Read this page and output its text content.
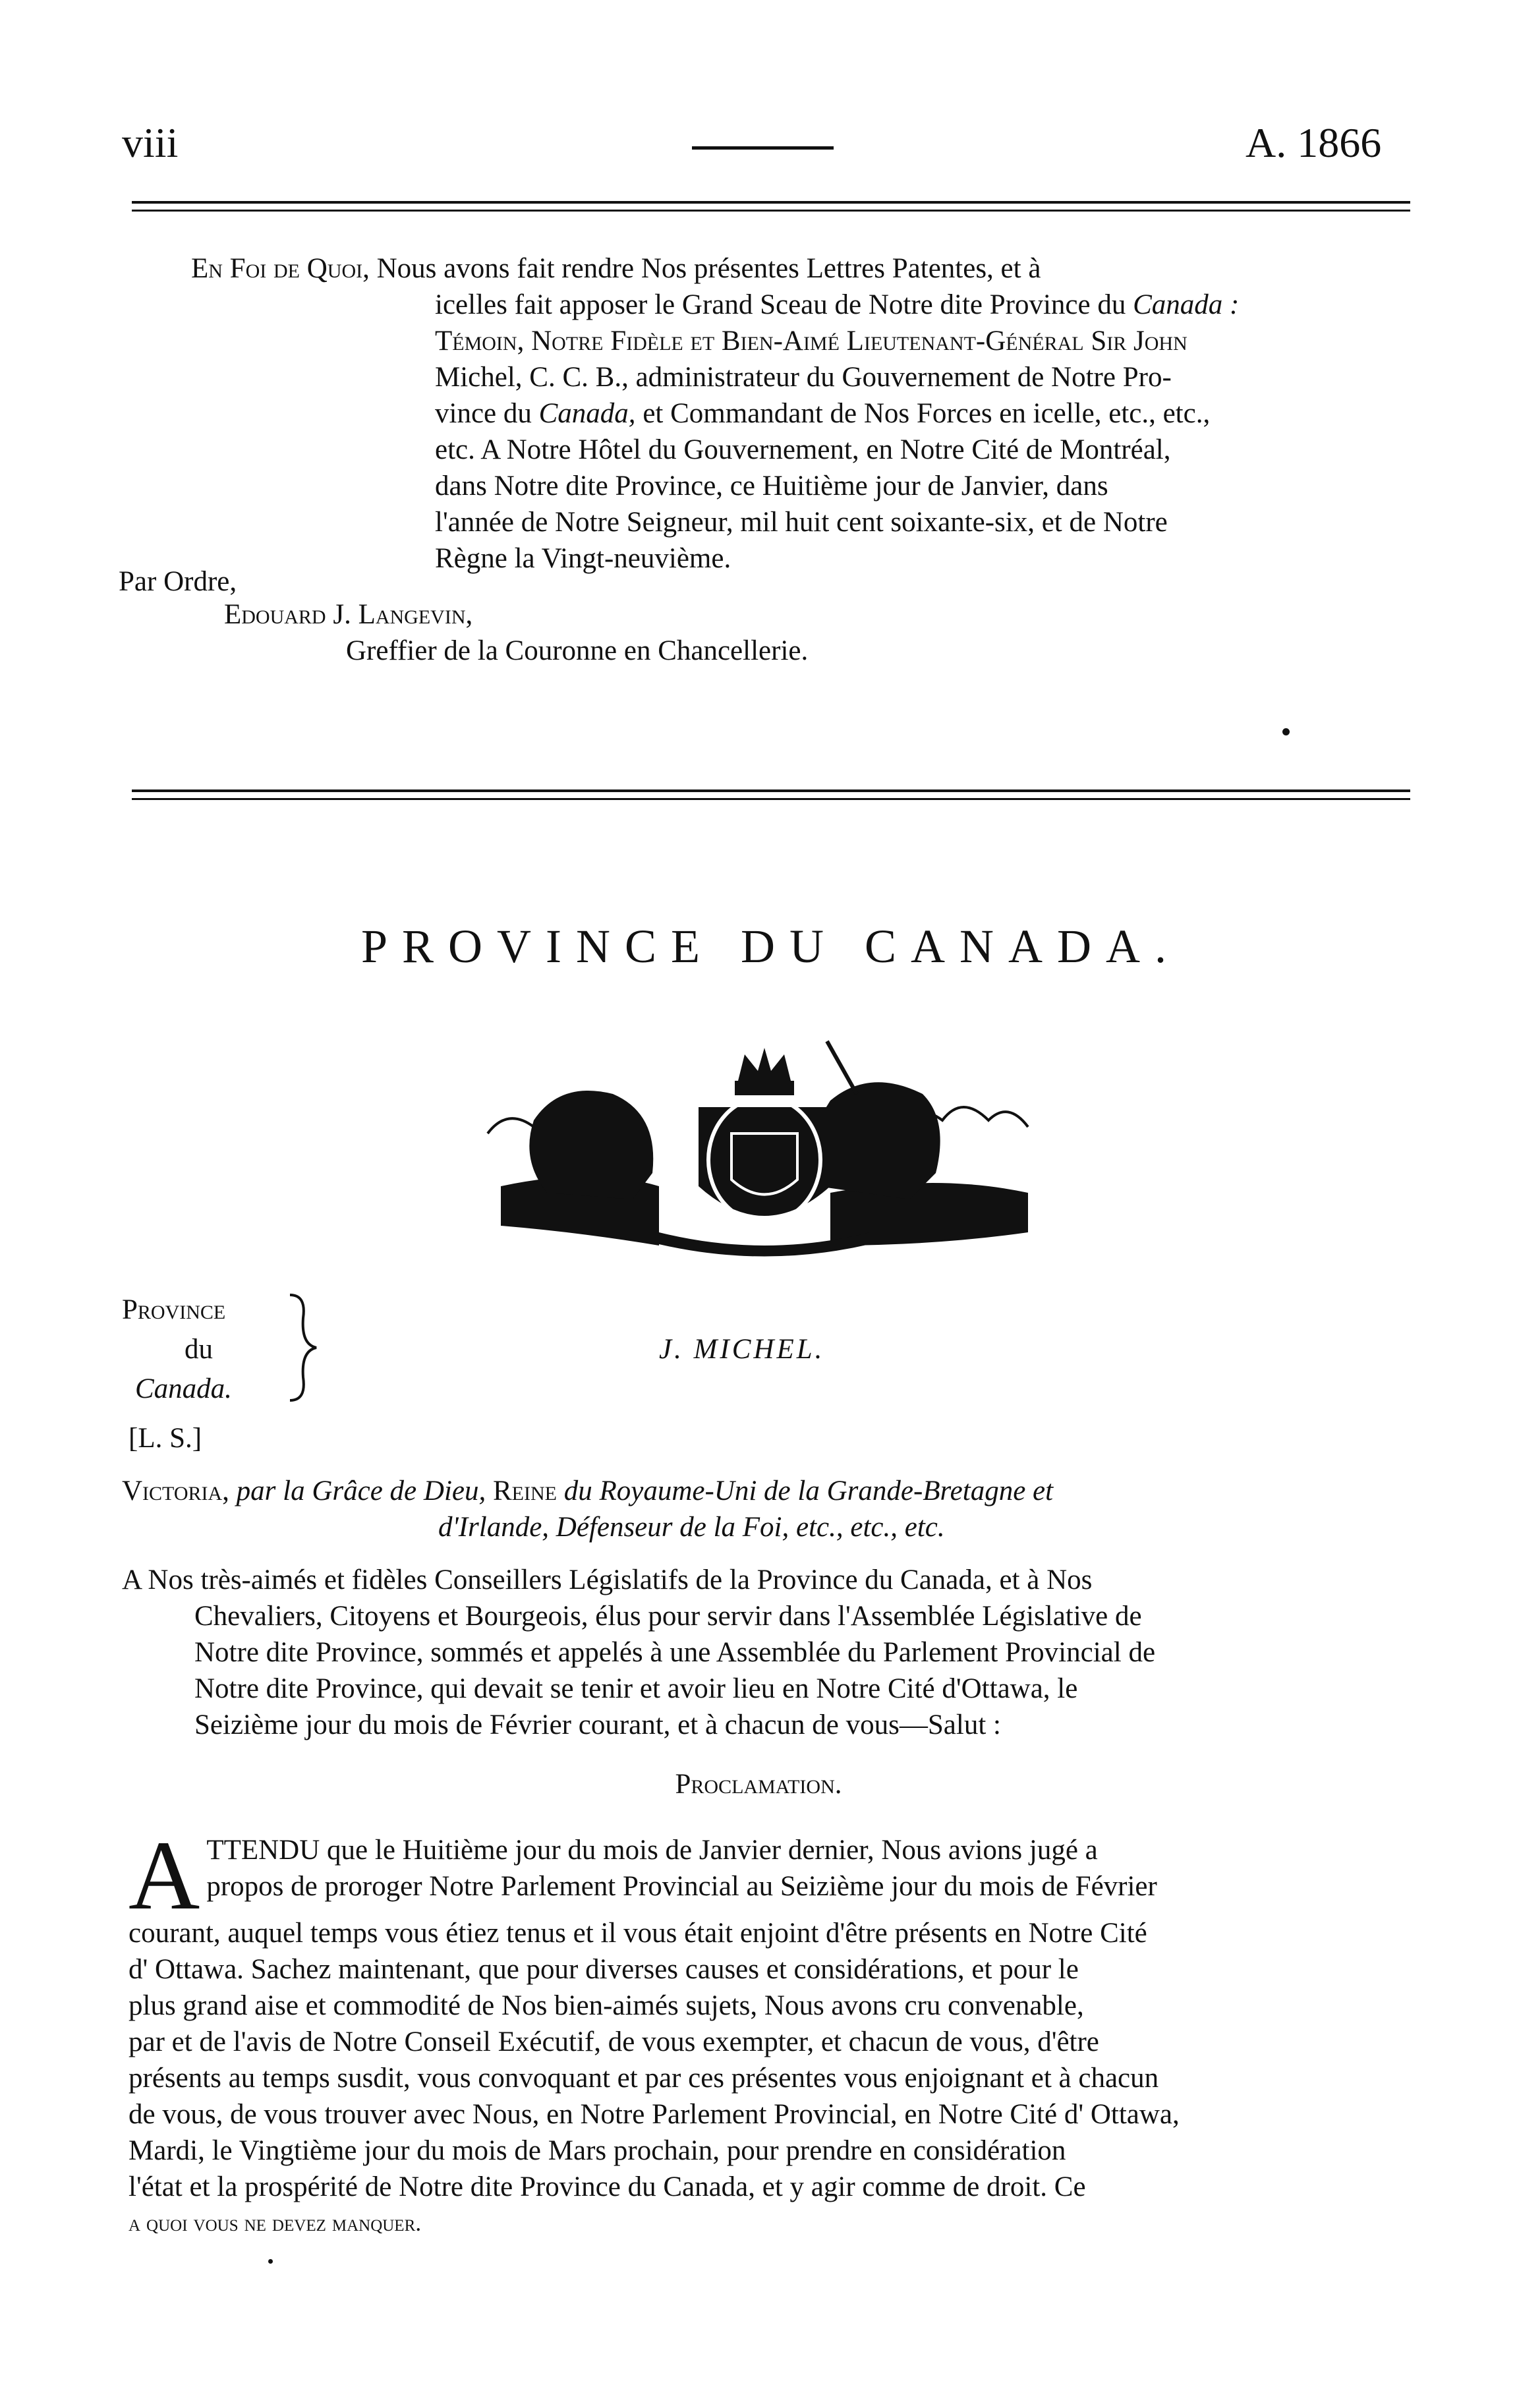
viii	A. 1866
En Foi de Quoi, Nous avons fait rendre Nos présentes Lettres Patentes, et à
icelles fait apposer le Grand Sceau de Notre dite Province du Canada :
Témoin, Notre Fidèle et Bien-Aimé Lieutenant-Général Sir John
Michel, C. C. B., administrateur du Gouvernement de Notre Pro-
vince du Canada, et Commandant de Nos Forces en icelle, etc., etc.,
etc. A Notre Hôtel du Gouvernement, en Notre Cité de Montréal,
dans Notre dite Province, ce Huitième jour de Janvier, dans
l'année de Notre Seigneur, mil huit cent soixante-six, et de Notre
Règne la Vingt-neuvième.
Par Ordre,
Edouard J. Langevin,
Greffier de la Couronne en Chancellerie.
PROVINCE DU CANADA.
Province
du
Canada.
J. MICHEL.
[L. S.]
Victoria, par la Grâce de Dieu, Reine du Royaume-Uni de la Grande-Bretagne et
d'Irlande, Défenseur de la Foi, etc., etc., etc.
A Nos très-aimés et fidèles Conseillers Législatifs de la Province du Canada, et à Nos
Chevaliers, Citoyens et Bourgeois, élus pour servir dans l'Assemblée Législative de
Notre dite Province, sommés et appelés à une Assemblée du Parlement Provincial de
Notre dite Province, qui devait se tenir et avoir lieu en Notre Cité d'Ottawa, le
Seizième jour du mois de Février courant, et à chacun de vous—Salut :
Proclamation.
A TTENDU que le Huitième jour du mois de Janvier dernier, Nous avions jugé a
propos de proroger Notre Parlement Provincial au Seizième jour du mois de Février
courant, auquel temps vous étiez tenus et il vous était enjoint d'être présents en Notre Cité
d' Ottawa. Sachez maintenant, que pour diverses causes et considérations, et pour le
plus grand aise et commodité de Nos bien-aimés sujets, Nous avons cru convenable,
par et de l'avis de Notre Conseil Exécutif, de vous exempter, et chacun de vous, d'être
présents au temps susdit, vous convoquant et par ces présentes vous enjoignant et à chacun
de vous, de vous trouver avec Nous, en Notre Parlement Provincial, en Notre Cité d' Ottawa,
Mardi, le Vingtième jour du mois de Mars prochain, pour prendre en considération
l'état et la prospérité de Notre dite Province du Canada, et y agir comme de droit. Ce
a quoi vous ne devez manquer.
